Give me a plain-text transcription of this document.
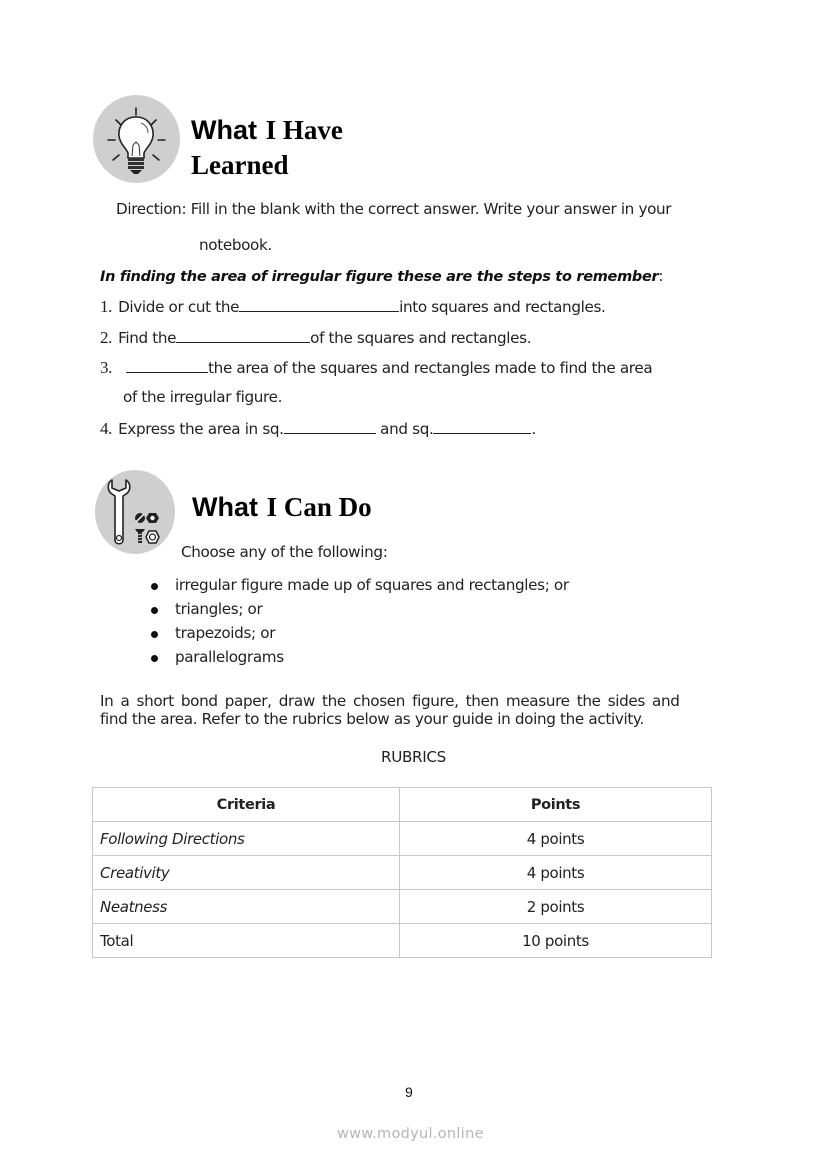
What I Have
Learned
Direction: Fill in the blank with the correct answer. Write your answer in your
notebook.
In finding the area of irregular figure these are the steps to remember:
1. Divide or cut the	into squares and rectangles.
2. Find the	of the squares and rectangles.
3.	the area of the squares and rectangles made to find the area
of the irregular figure.
4. Express the area in sq.	and sq.	.
What I Can Do
Choose any of the following:
irregular figure made up of squares and rectangles; or
triangles; or
trapezoids; or
parallelograms
In a short bond paper, draw the chosen figure, then measure the sides and
find the area. Refer to the rubrics below as your guide in doing the activity.
RUBRICS
Criteria	Points
Following Directions	4 points
Creativity	4 points
Neatness	2 points
Total	10 points
9
www.modyul.online
